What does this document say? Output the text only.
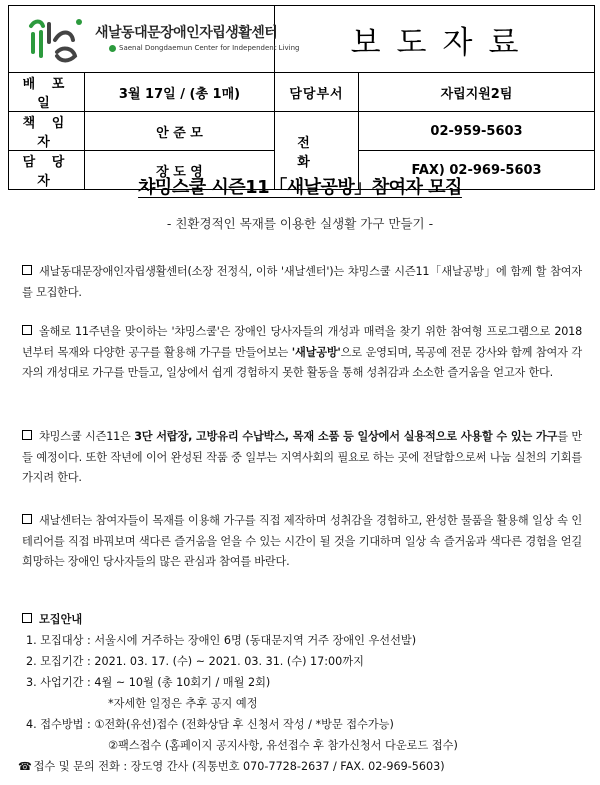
새날동대문장애인자립생활센터
Saenal Dongdaemun Center for Independent Living		보도자료	
배 포 일	3월 17일 / (총 1매)	담당부서	자립지원2팀
책 임 자	안 준 모	전 화	02-959-5603
담 당 자	장 도 영		FAX) 02-969-5603
챠밍스쿨 시즌11「새날공방」참여자 모집
- 친환경적인 목재를 이용한 실생활 가구 만들기 -
새날동대문장애인자립생활센터(소장 전정식, 이하 '새날센터')는 챠밍스쿨 시즌11「새날공방」에 함께 할 참여자를 모집한다.
올해로 11주년을 맞이하는 '챠밍스쿨'은 장애인 당사자들의 개성과 매력을 찾기 위한 참여형 프로그램으로 2018년부터 목재와 다양한 공구를 활용해 가구를 만들어보는 '새날공방'으로 운영되며, 목공예 전문 강사와 함께 참여자 각자의 개성대로 가구를 만들고, 일상에서 쉽게 경험하지 못한 활동을 통해 성취감과 소소한 즐거움을 얻고자 한다.
챠밍스쿨 시즌11은 3단 서랍장, 고방유리 수납박스, 목재 소품 등 일상에서 실용적으로 사용할 수 있는 가구를 만들 예정이다. 또한 작년에 이어 완성된 작품 중 일부는 지역사회의 필요로 하는 곳에 전달함으로써 나눔 실천의 기회를 가지려 한다.
새날센터는 참여자들이 목재를 이용해 가구를 직접 제작하며 성취감을 경험하고, 완성한 물품을 활용해 일상 속 인테리어를 직접 바꿔보며 색다른 즐거움을 얻을 수 있는 시간이 될 것을 기대하며 일상 속 즐거움과 색다른 경험을 얻길 희망하는 장애인 당사자들의 많은 관심과 참여를 바란다.
모집안내
1. 모집대상 : 서울시에 거주하는 장애인 6명 (동대문지역 거주 장애인 우선선발)
2. 모집기간 : 2021. 03. 17. (수) ~ 2021. 03. 31. (수) 17:00까지
3. 사업기간 : 4월 ~ 10월 (총 10회기 / 매월 2회)
*자세한 일정은 추후 공지 예정
4. 접수방법 : ①전화(유선)접수 (전화상담 후 신청서 작성 / *방문 접수가능)
②팩스접수 (홈페이지 공지사항, 유선접수 후 참가신청서 다운로드 접수)
☎ 접수 및 문의 전화 : 장도영 간사 (직통번호 070-7728-2637 / FAX. 02-969-5603)
